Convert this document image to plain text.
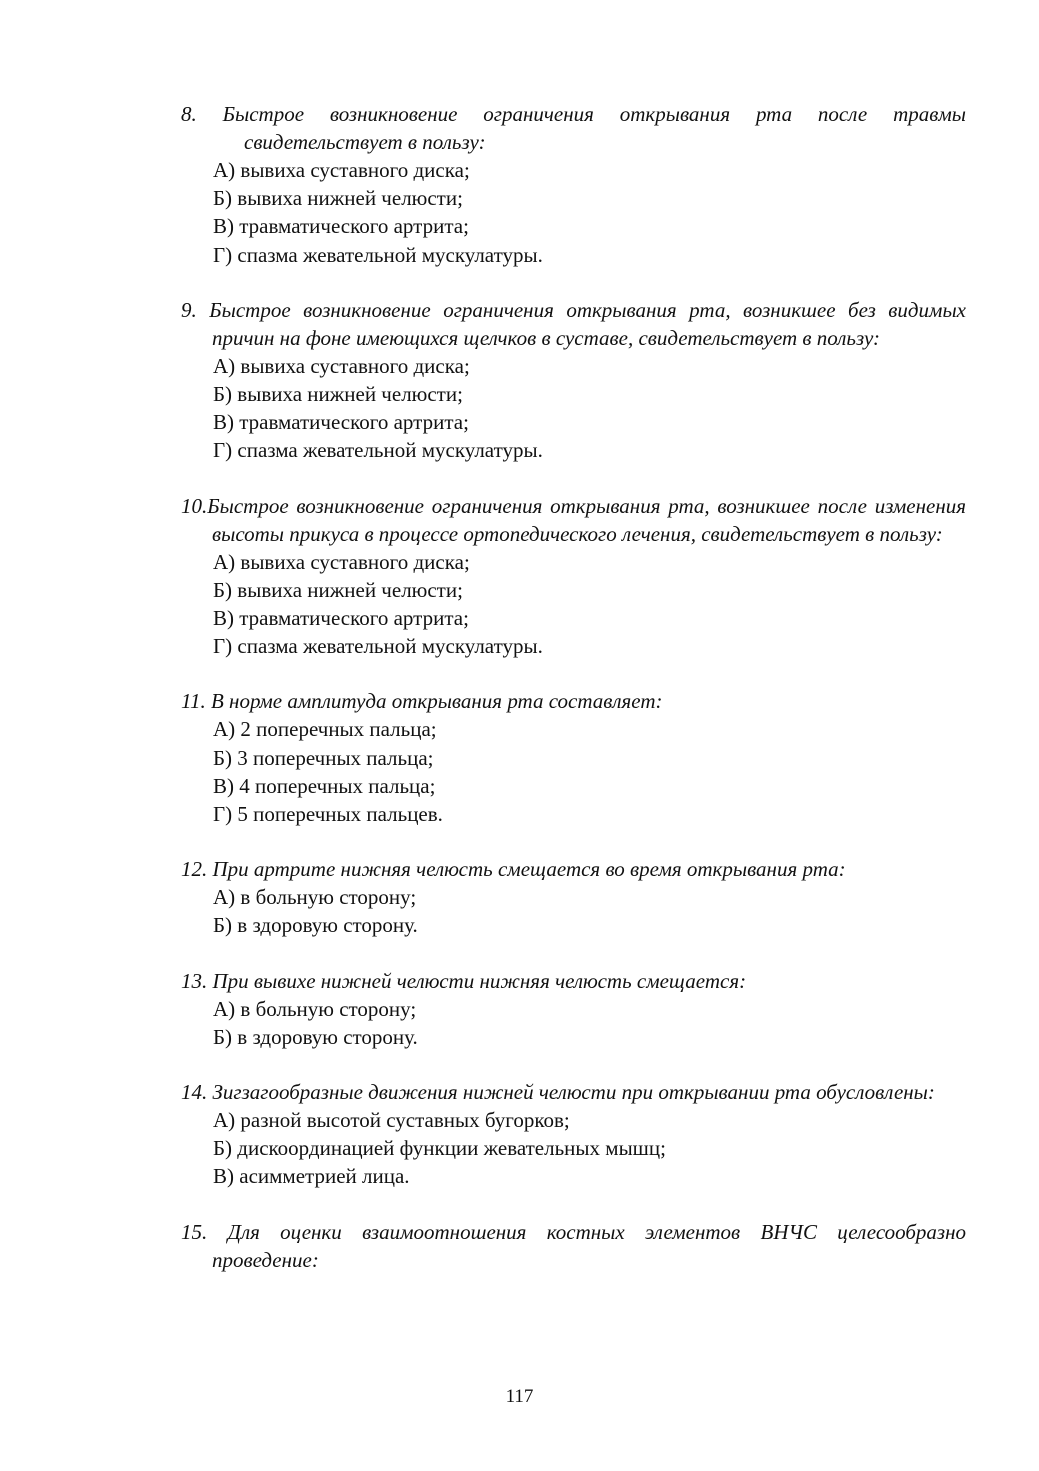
8. Быстрое возникновение ограничения открывания рта после травмы свидетельствует в пользу:

А) вывиха суставного диска;
Б) вывиха нижней челюсти;
В) травматического артрита;
Г) спазма жевательной мускулатуры.

9. Быстрое возникновение ограничения открывания рта, возникшее без видимых причин на фоне имеющихся щелчков в суставе, свидетельствует в пользу:

А) вывиха суставного диска;
Б) вывиха нижней челюсти;
В) травматического артрита;
Г) спазма жевательной мускулатуры.

10.Быстрое возникновение ограничения открывания рта, возникшее после изменения высоты прикуса в процессе ортопедического лечения, свидетельствует в пользу:

А) вывиха суставного диска;
Б) вывиха нижней челюсти;
В) травматического артрита;
Г) спазма жевательной мускулатуры.

11. В норме амплитуда открывания рта составляет:

А) 2 поперечных пальца;
Б) 3 поперечных пальца;
В) 4 поперечных пальца;
Г) 5 поперечных пальцев.

12. При артрите нижняя челюсть смещается во время открывания рта:

А) в больную сторону;
Б) в здоровую сторону.

13. При вывихе нижней челюсти нижняя челюсть смещается:

А) в больную сторону;
Б) в здоровую сторону.

14. Зигзагообразные движения нижней челюсти при открывании рта обусловлены:

А) разной высотой суставных бугорков;
Б) дискоординацией функции жевательных мышц;
В) асимметрией лица.

15. Для оценки взаимоотношения костных элементов ВНЧС целесообразно проведение:

117
